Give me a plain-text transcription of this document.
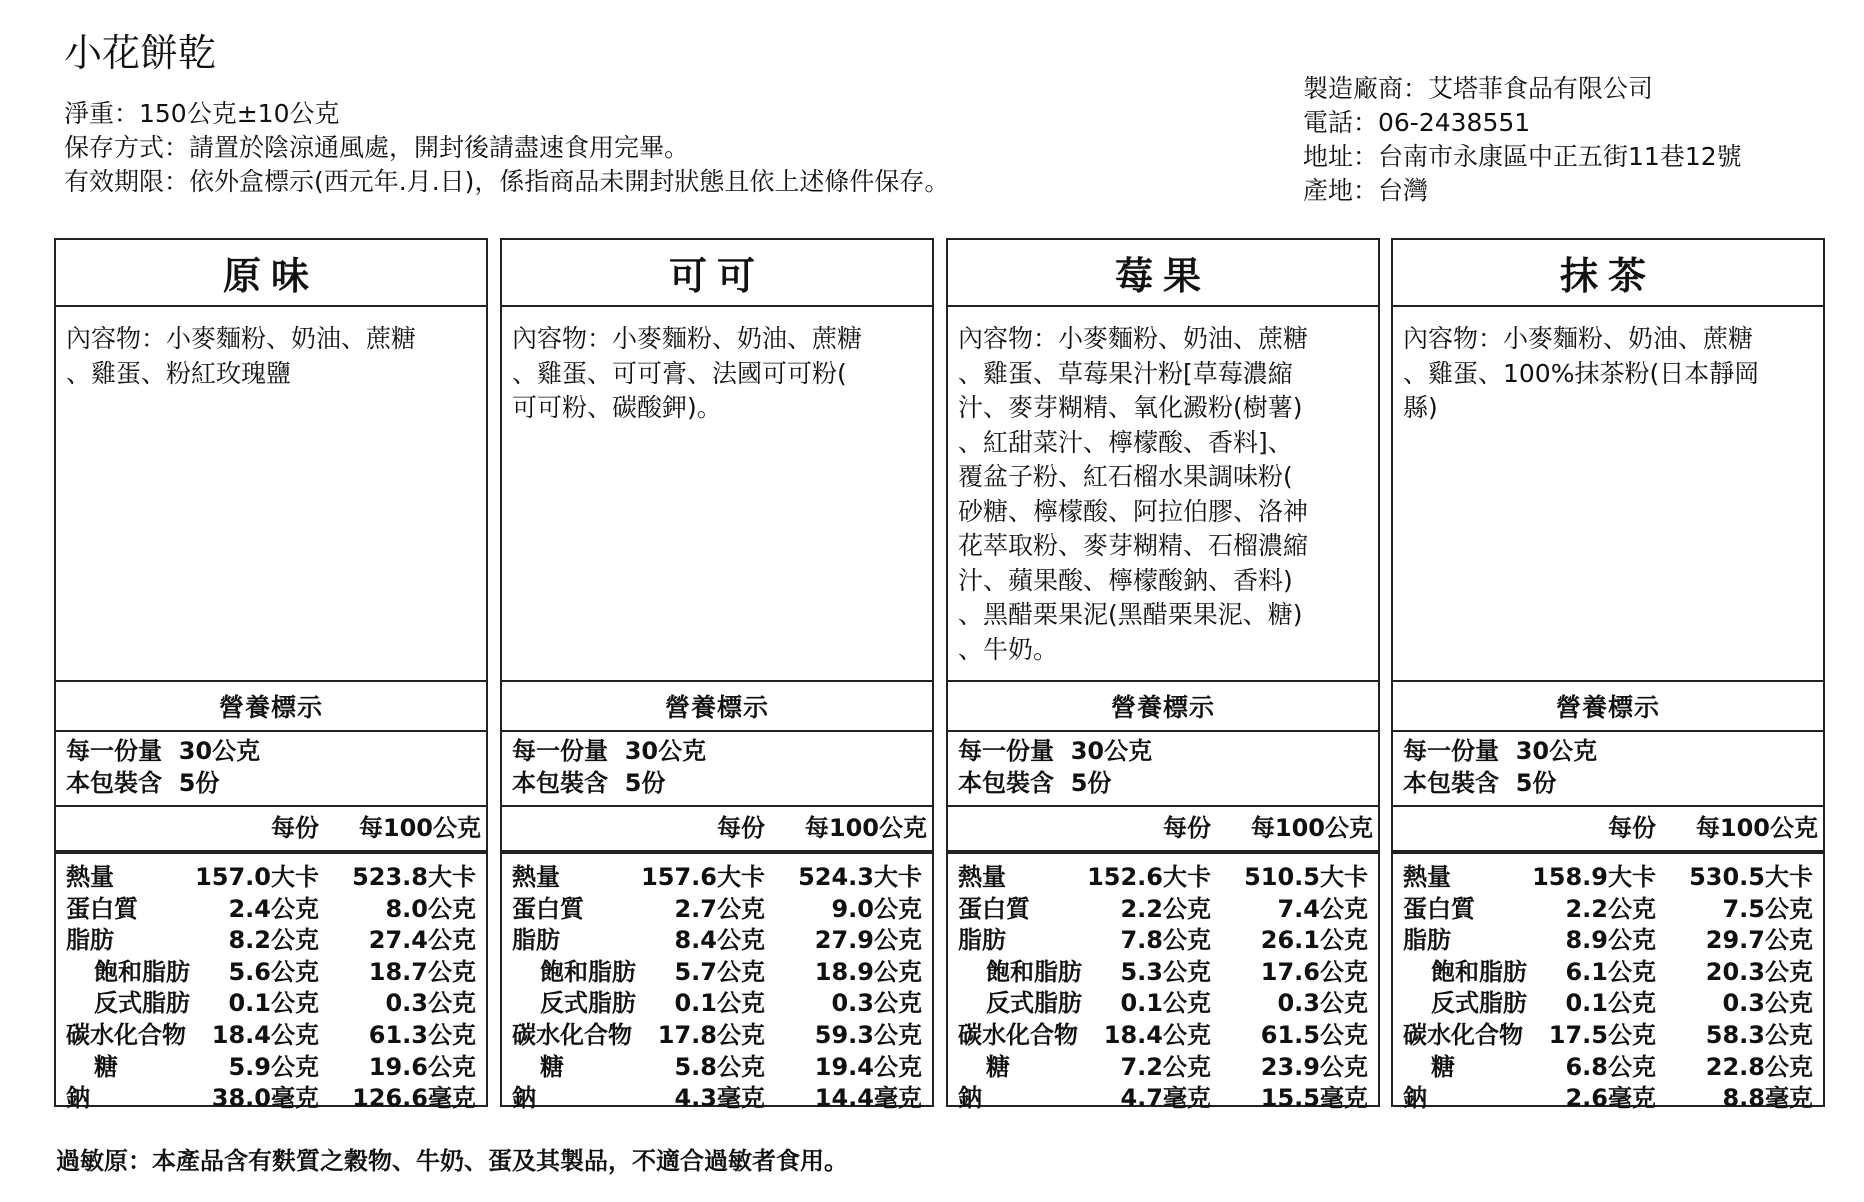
小花餅乾
淨重：150公克±10公克
保存方式：請置於陰涼通風處，開封後請盡速食用完畢。
有效期限：依外盒標示(西元年.月.日)，係指商品未開封狀態且依上述條件保存。
製造廠商：艾塔菲食品有限公司
電話：06-2438551
地址：台南市永康區中正五街11巷12號
產地：台灣
原味
內容物：小麥麵粉、奶油、蔗糖
、雞蛋、粉紅玫瑰鹽
營養標示
每一份量  30公克
本包裝含  5份
每份 每100公克
熱量	157.0大卡 523.8大卡
蛋白質	2.4公克	8.0公克
脂肪	8.2公克 27.4公克
飽和脂肪 5.6公克 18.7公克
反式脂肪 0.1公克	0.3公克
碳水化合物 18.4公克 61.3公克
糖	5.9公克 19.6公克
鈉	38.0毫克 126.6毫克
可可
內容物：小麥麵粉、奶油、蔗糖
、雞蛋、可可膏、法國可可粉(
可可粉、碳酸鉀)。
營養標示
每一份量  30公克
本包裝含  5份
每份 每100公克
熱量	157.6大卡 524.3大卡
蛋白質	2.7公克	9.0公克
脂肪	8.4公克 27.9公克
飽和脂肪 5.7公克 18.9公克
反式脂肪 0.1公克	0.3公克
碳水化合物 17.8公克 59.3公克
糖	5.8公克 19.4公克
鈉	4.3毫克 14.4毫克
莓果
內容物：小麥麵粉、奶油、蔗糖
、雞蛋、草莓果汁粉[草莓濃縮
汁、麥芽糊精、氧化澱粉(樹薯)
、紅甜菜汁、檸檬酸、香料]、
覆盆子粉、紅石榴水果調味粉(
砂糖、檸檬酸、阿拉伯膠、洛神
花萃取粉、麥芽糊精、石榴濃縮
汁、蘋果酸、檸檬酸鈉、香料)
、黑醋栗果泥(黑醋栗果泥、糖)
、牛奶。
營養標示
每一份量  30公克
本包裝含  5份
每份 每100公克
熱量	152.6大卡 510.5大卡
蛋白質	2.2公克	7.4公克
脂肪	7.8公克 26.1公克
飽和脂肪 5.3公克 17.6公克
反式脂肪 0.1公克	0.3公克
碳水化合物 18.4公克 61.5公克
糖	7.2公克 23.9公克
鈉	4.7毫克 15.5毫克
抹茶
內容物：小麥麵粉、奶油、蔗糖
、雞蛋、100%抹茶粉(日本靜岡
縣)
營養標示
每一份量  30公克
本包裝含  5份
每份 每100公克
熱量	158.9大卡 530.5大卡
蛋白質	2.2公克	7.5公克
脂肪	8.9公克 29.7公克
飽和脂肪 6.1公克 20.3公克
反式脂肪 0.1公克	0.3公克
碳水化合物 17.5公克 58.3公克
糖	6.8公克 22.8公克
鈉	2.6毫克	8.8毫克
過敏原：本產品含有麩質之穀物、牛奶、蛋及其製品，不適合過敏者食用。
